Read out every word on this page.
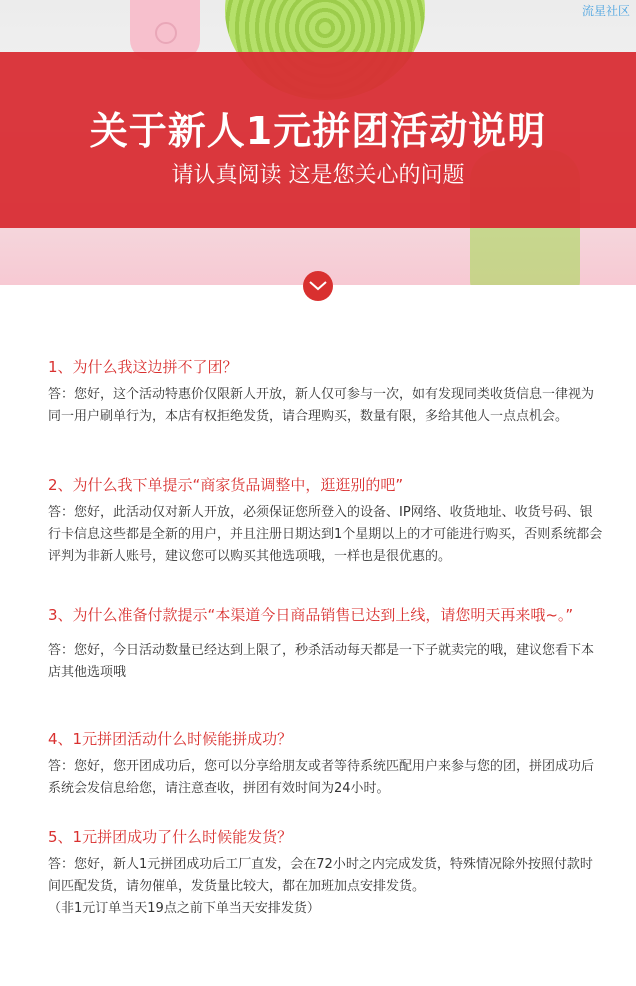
流星社区
关于新人1元拼团活动说明
请认真阅读 这是您关心的问题

1、为什么我这边拼不了团？

答：您好，这个活动特惠价仅限新人开放，新人仅可参与一次，如有发现同类收货信息一律视为同一用户刷单行为，本店有权拒绝发货，请合理购买，数量有限，多给其他人一点点机会。

2、为什么我下单提示“商家货品调整中，逛逛别的吧”

答：您好，此活动仅对新人开放，必须保证您所登入的设备、IP网络、收货地址、收货号码、银行卡信息这些都是全新的用户，并且注册日期达到1个星期以上的才可能进行购买，否则系统都会评判为非新人账号，建议您可以购买其他选项哦，一样也是很优惠的。

3、为什么准备付款提示“本渠道今日商品销售已达到上线，请您明天再来哦~。”

答：您好，今日活动数量已经达到上限了，秒杀活动每天都是一下子就卖完的哦，建议您看下本店其他选项哦

4、1元拼团活动什么时候能拼成功？

答：您好，您开团成功后，您可以分享给朋友或者等待系统匹配用户来参与您的团，拼团成功后系统会发信息给您，请注意查收，拼团有效时间为24小时。

5、1元拼团成功了什么时候能发货？

答：您好，新人1元拼团成功后工厂直发，会在72小时之内完成发货，特殊情况除外按照付款时间匹配发货，请勿催单，发货量比较大，都在加班加点安排发货。

（非1元订单当天19点之前下单当天安排发货）
